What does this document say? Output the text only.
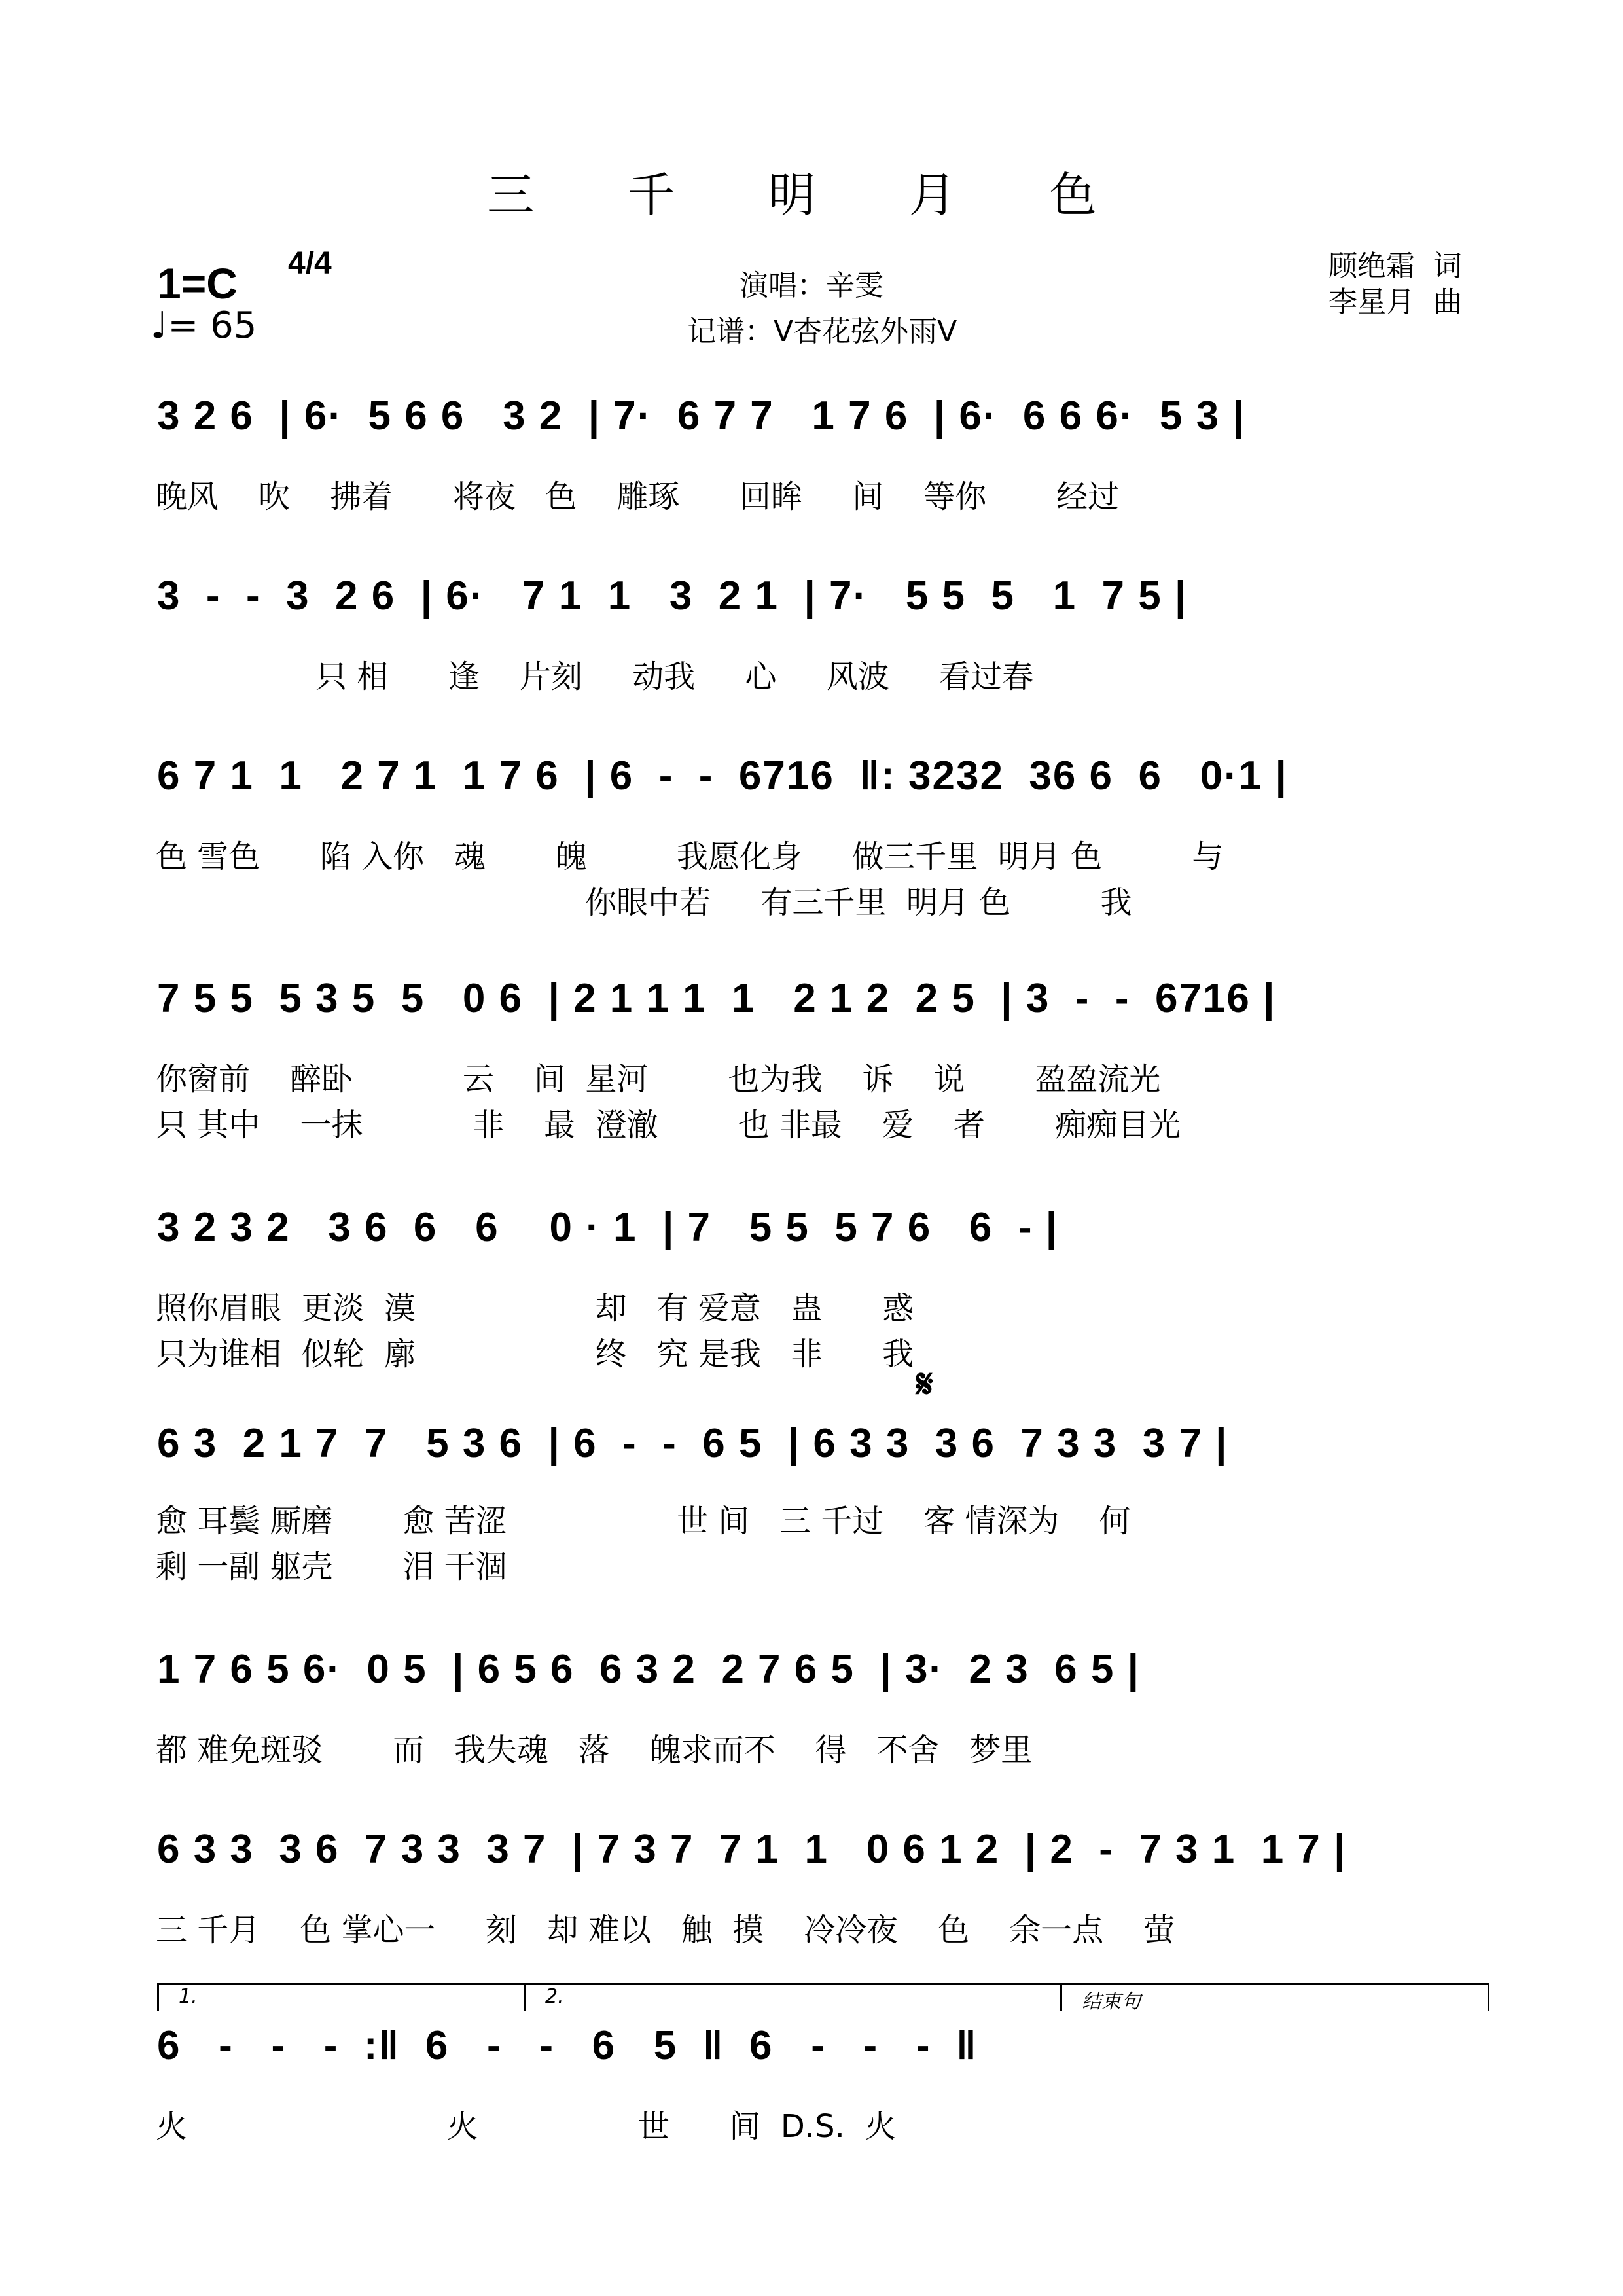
三 千 明 月 色
1=C 4/4
♩= 65
演唱：辛雯
记谱：V杏花弦外雨V
顾绝霜  词
李星月  曲
3 2 6  | 6·  5 6 6   3 2  | 7·  6 7 7   1 7 6  | 6·  6 6 6·  5 3 |
晚风    吹    拂着      将夜   色    雕琢      回眸     间    等你       经过
3  -  -  3  2 6  | 6·   7 1  1   3  2 1  | 7·   5 5  5   1  7 5 |
只 相      逢    片刻     动我     心     风波     看过春
6 7 1  1   2 7 1  1 7 6  | 6  -  -  6716  ‖: 3232  36 6  6   0·1 |
色 雪色      陷 入你   魂       魄         我愿化身     做三千里  明月 色         与
你眼中若     有三千里  明月 色         我
7 5 5  5 3 5  5   0 6  | 2 1 1 1  1   2 1 2  2 5  | 3  -  -  6716 |
你窗前    醉卧           云    间  星河        也为我    诉    说       盈盈流光
只 其中    一抹           非    最  澄澈        也 非最    爱    者       痴痴目光
3 2 3 2   3 6  6   6    0 · 1  | 7   5 5  5 7 6   6  - |
照你眉眼  更淡  漠                  却   有 爱意   蛊      惑
只为谁相  似轮  廓                  终   究 是我   非      我
𝄋
6 3  2 1 7  7   5 3 6  | 6  -  -  6 5  | 6 3 3  3 6  7 3 3  3 7 |
愈 耳鬓 厮磨       愈 苦涩                 世 间   三 千过    客 情深为    何
剩 一副 躯壳       泪 干涸
1 7 6 5 6·  0 5  | 6 5 6  6 3 2  2 7 6 5  | 3·  2 3  6 5 |
都 难免斑驳       而   我失魂   落    魄求而不    得   不舍   梦里
6 3 3  3 6  7 3 3  3 7  | 7 3 7  7 1  1   0 6 1 2  | 2  -  7 3 1  1 7 |
三 千月    色 掌心一     刻   却 难以   触  摸    冷冷夜    色    余一点    萤
1.	2.	结束句
6   -   -   -  :‖  6   -   -   6   5  ‖  6   -   -   -  ‖
火                          火                世      间  D.S.  火
